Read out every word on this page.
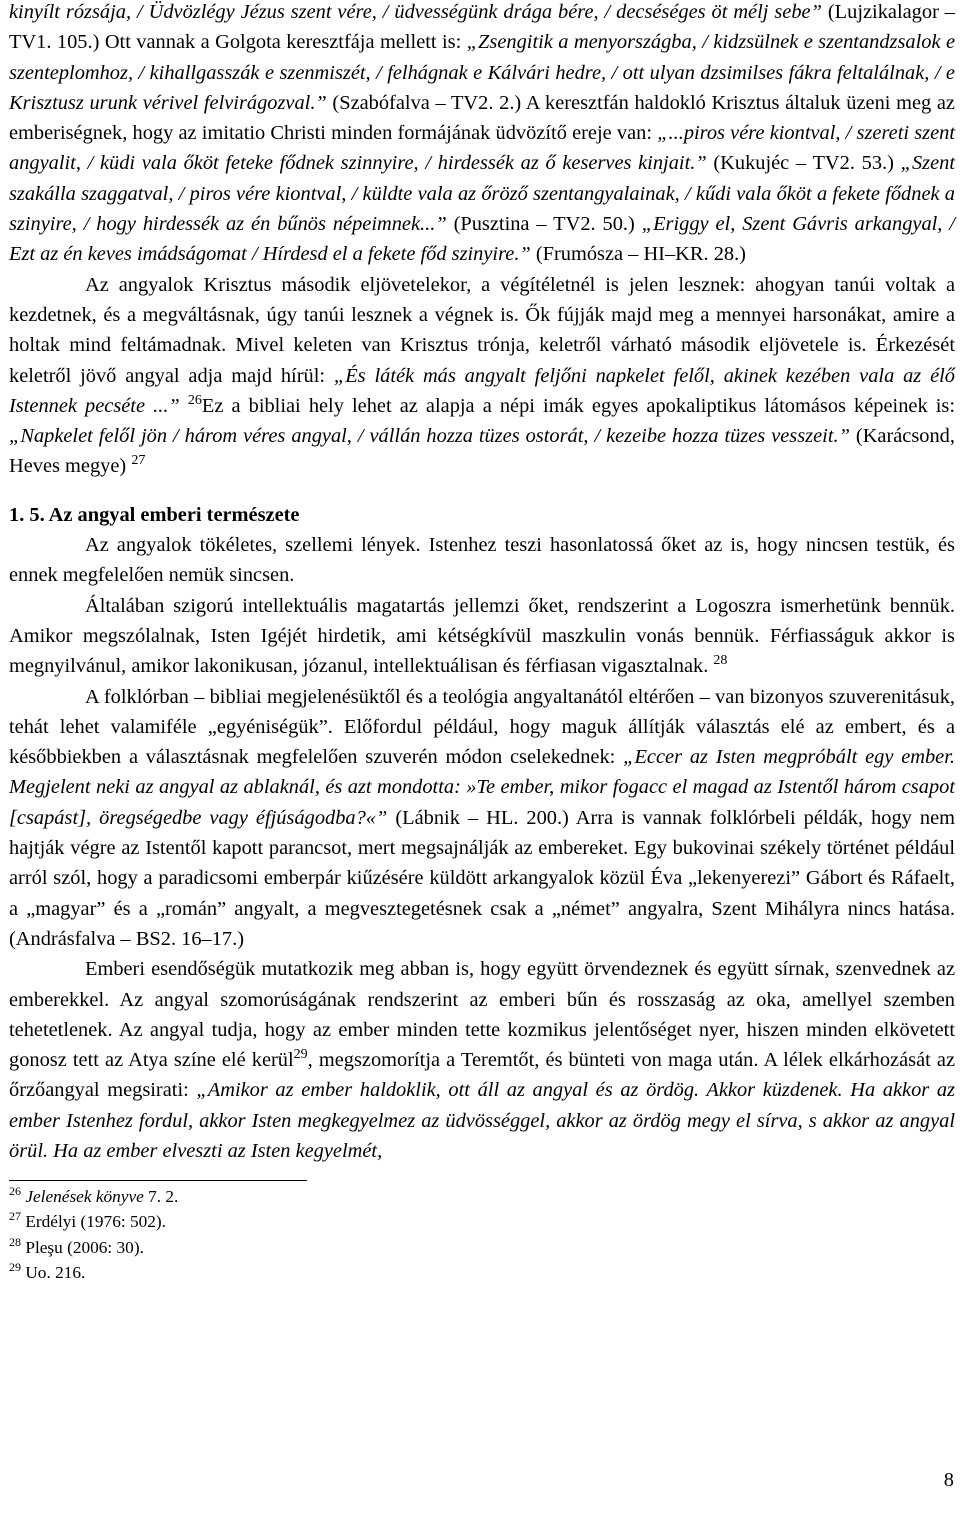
kinyílt rózsája, / Üdvözlégy Jézus szent vére, / üdvességünk drága bére, / decséséges öt mélj sebe” (Lujzikalagor – TV1. 105.) Ott vannak a Golgota keresztfája mellett is: „Zsengitik a menyországba, / kidzsülnek e szentandzsalok e szenteplomhoz, / kihallgasszák e szenmiszét, / felhágnak e Kálvári hedre, / ott ulyan dzsimilses fákra feltalálnak, / e Krisztusz urunk vérivel felvirágozval.” (Szabófalva – TV2. 2.) A keresztfán haldokló Krisztus általuk üzeni meg az emberiségnek, hogy az imitatio Christi minden formájának üdvözítő ereje van: „...piros vére kiontval, / szereti szent angyalit, / küdi vala őköt feteke fődnek szinnyire, / hirdessék az ő keserves kinjait.” (Kukujéc – TV2. 53.) „Szent szakálla szaggatval, / piros vére kiontval, / küldte vala az őröző szentangyalainak, / kűdi vala őköt a fekete fődnek a szinyire, / hogy hirdessék az én bűnös népeimnek...” (Pusztina – TV2. 50.) „Eriggy el, Szent Gávris arkangyal, / Ezt az én keves imádságomat / Hírdesd el a fekete főd szinyire.” (Frumósza – HI–KR. 28.)

Az angyalok Krisztus második eljövetelekor, a végítéletnél is jelen lesznek: ahogyan tanúi voltak a kezdetnek, és a megváltásnak, úgy tanúi lesznek a végnek is. Ők fújják majd meg a mennyei harsonákat, amire a holtak mind feltámadnak. Mivel keleten van Krisztus trónja, keletről várható második eljövetele is. Érkezését keletről jövő angyal adja majd hírül: „És láték más angyalt feljőni napkelet felől, akinek kezében vala az élő Istennek pecséte ...” $^{26}$Ez a bibliai hely lehet az alapja a népi imák egyes apokaliptikus látomásos képeinek is: „Napkelet felől jön / három véres angyal, / vállán hozza tüzes ostorát, / kezeibe hozza tüzes vesszeit.” (Karácsond, Heves megye) $^{27}$

1. 5. Az angyal emberi természete

Az angyalok tökéletes, szellemi lények. Istenhez teszi hasonlatossá őket az is, hogy nincsen testük, és ennek megfelelően nemük sincsen.

Általában szigorú intellektuális magatartás jellemzi őket, rendszerint a Logoszra ismerhetünk bennük. Amikor megszólalnak, Isten Igéjét hirdetik, ami kétségkívül maszkulin vonás bennük. Férfiasságuk akkor is megnyilvánul, amikor lakonikusan, józanul, intellektuálisan és férfiasan vigasztalnak. $^{28}$

A folklórban – bibliai megjelenésüktől és a teológia angyaltanától eltérően – van bizonyos szuverenitásuk, tehát lehet valamiféle „egyéniségük”. Előfordul például, hogy maguk állítják választás elé az embert, és a későbbiekben a választásnak megfelelően szuverén módon cselekednek: „Eccer az Isten megpróbált egy ember. Megjelent neki az angyal az ablaknál, és azt mondotta: »Te ember, mikor fogacc el magad az Istentől három csapot [csapást], öregségedbe vagy éfjúságodba?«” (Lábnik – HL. 200.) Arra is vannak folklórbeli példák, hogy nem hajtják végre az Istentől kapott parancsot, mert megsajnálják az embereket. Egy bukovinai székely történet például arról szól, hogy a paradicsomi emberpár kiűzésére küldött arkangyalok közül Éva „lekenyerezi” Gábort és Ráfaelt, a „magyar” és a „román” angyalt, a megvesztegetésnek csak a „német” angyalra, Szent Mihályra nincs hatása. (Andrásfalva – BS2. 16–17.)

Emberi esendőségük mutatkozik meg abban is, hogy együtt örvendeznek és együtt sírnak, szenvednek az emberekkel. Az angyal szomorúságának rendszerint az emberi bűn és rosszaság az oka, amellyel szemben tehetetlenek. Az angyal tudja, hogy az ember minden tette kozmikus jelentőséget nyer, hiszen minden elkövetett gonosz tett az Atya színe elé kerül$^{29}$, megszomorítja a Teremtőt, és bünteti von maga után. A lélek elkárhozását az őrzőangyal megsirati: „Amikor az ember haldoklik, ott áll az angyal és az ördög. Akkor küzdenek. Ha akkor az ember Istenhez fordul, akkor Isten megkegyelmez az üdvösséggel, akkor az ördög megy el sírva, s akkor az angyal örül. Ha az ember elveszti az Isten kegyelmét,

$^{26}$ Jelenések könyve 7. 2.

$^{27}$ Erdélyi (1976: 502).

$^{28}$ Pleşu (2006: 30).

$^{29}$ Uo. 216.

8
